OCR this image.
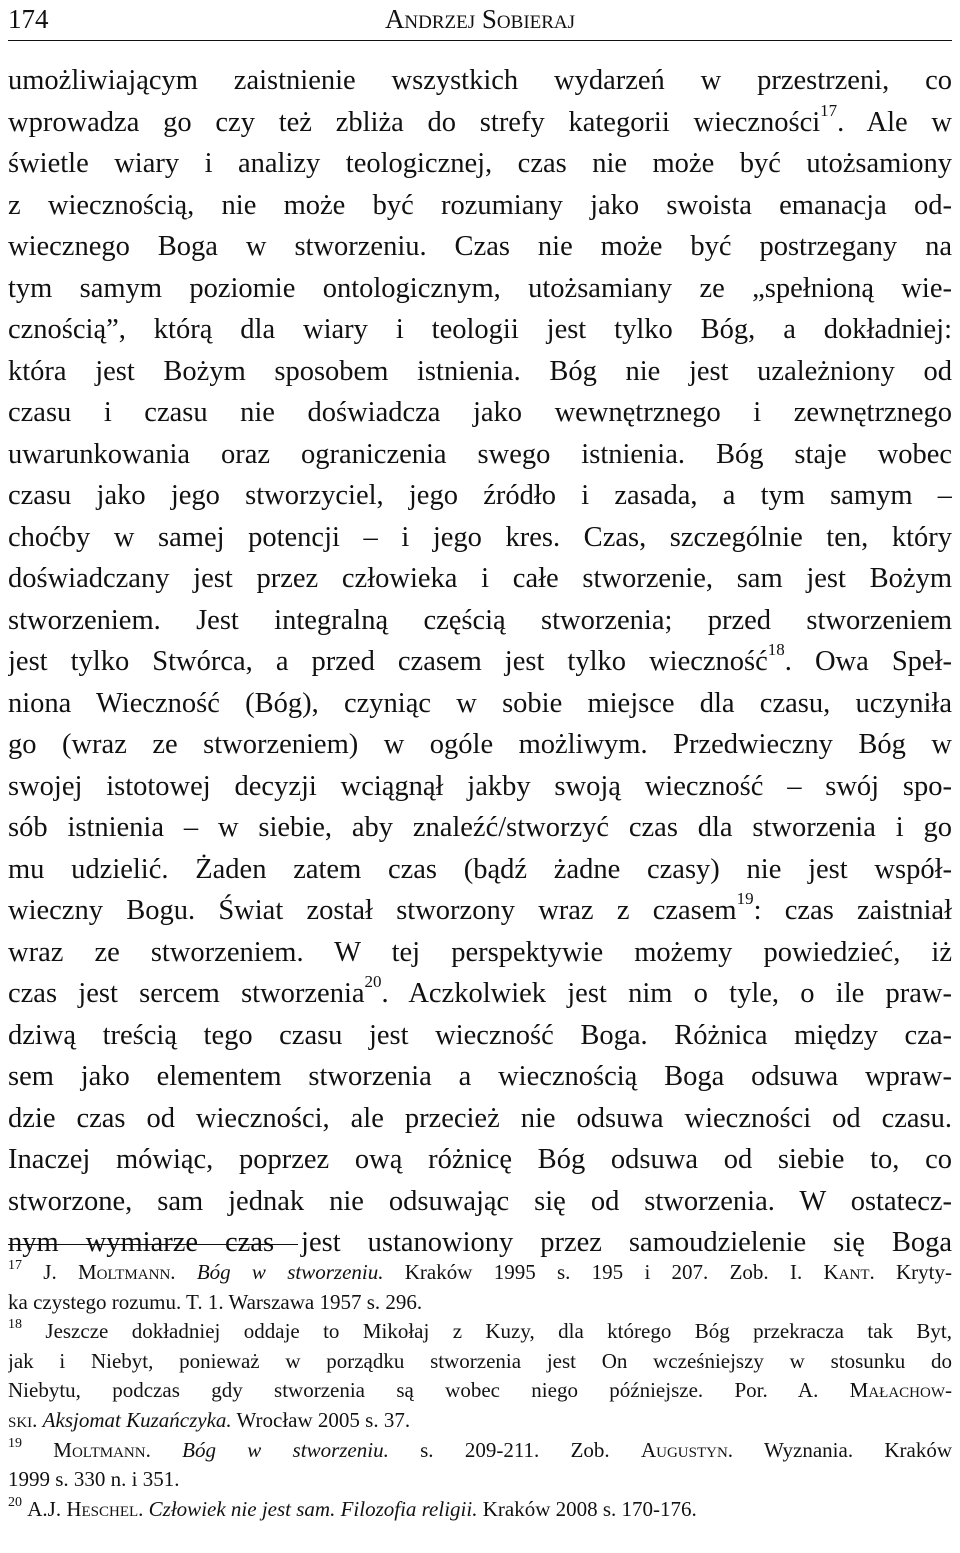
174	Andrzej Sobieraj
umożliwiającym zaistnienie wszystkich wydarzeń w przestrzeni, co
wprowadza go czy też zbliża do strefy kategorii wieczności17. Ale w
świetle wiary i analizy teologicznej, czas nie może być utożsamiony
z wiecznością, nie może być rozumiany jako swoista emanacja od-
wiecznego Boga w stworzeniu. Czas nie może być postrzegany na
tym samym poziomie ontologicznym, utożsamiany ze „spełnioną wie-
cznością”, którą dla wiary i teologii jest tylko Bóg, a dokładniej:
która jest Bożym sposobem istnienia. Bóg nie jest uzależniony od
czasu i czasu nie doświadcza jako wewnętrznego i zewnętrznego
uwarunkowania oraz ograniczenia swego istnienia. Bóg staje wobec
czasu jako jego stworzyciel, jego źródło i zasada, a tym samym –
choćby w samej potencji – i jego kres. Czas, szczególnie ten, który
doświadczany jest przez człowieka i całe stworzenie, sam jest Bożym
stworzeniem. Jest integralną częścią stworzenia; przed stworzeniem
jest tylko Stwórca, a przed czasem jest tylko wieczność18. Owa Speł-
niona Wieczność (Bóg), czyniąc w sobie miejsce dla czasu, uczyniła
go (wraz ze stworzeniem) w ogóle możliwym. Przedwieczny Bóg w
swojej istotowej decyzji wciągnął jakby swoją wieczność – swój spo-
sób istnienia – w siebie, aby znaleźć/stworzyć czas dla stworzenia i go
mu udzielić. Żaden zatem czas (bądź żadne czasy) nie jest współ-
wieczny Bogu. Świat został stworzony wraz z czasem19: czas zaistniał
wraz ze stworzeniem. W tej perspektywie możemy powiedzieć, iż
czas jest sercem stworzenia20. Aczkolwiek jest nim o tyle, o ile praw-
dziwą treścią tego czasu jest wieczność Boga. Różnica między cza-
sem jako elementem stworzenia a wiecznością Boga odsuwa wpraw-
dzie czas od wieczności, ale przecież nie odsuwa wieczności od czasu.
Inaczej mówiąc, poprzez ową różnicę Bóg odsuwa od siebie to, co
stworzone, sam jednak nie odsuwając się od stworzenia. W ostatecz-
nym wymiarze czas jest ustanowiony przez samoudzielenie się Boga
17 J. Moltmann. Bóg w stworzeniu. Kraków 1995 s. 195 i 207. Zob. I. Kant. Kryty-
ka czystego rozumu. T. 1. Warszawa 1957 s. 296.
18 Jeszcze dokładniej oddaje to Mikołaj z Kuzy, dla którego Bóg przekracza tak Byt,
jak i Niebyt, ponieważ w porządku stworzenia jest On wcześniejszy w stosunku do
Niebytu, podczas gdy stworzenia są wobec niego późniejsze. Por. A. Małachow-
ski. Aksjomat Kuzańczyka. Wrocław 2005 s. 37.
19 Moltmann. Bóg w stworzeniu. s. 209-211. Zob. Augustyn. Wyznania. Kraków
1999 s. 330 n. i 351.
20 A.J. Heschel. Człowiek nie jest sam. Filozofia religii. Kraków 2008 s. 170-176.
